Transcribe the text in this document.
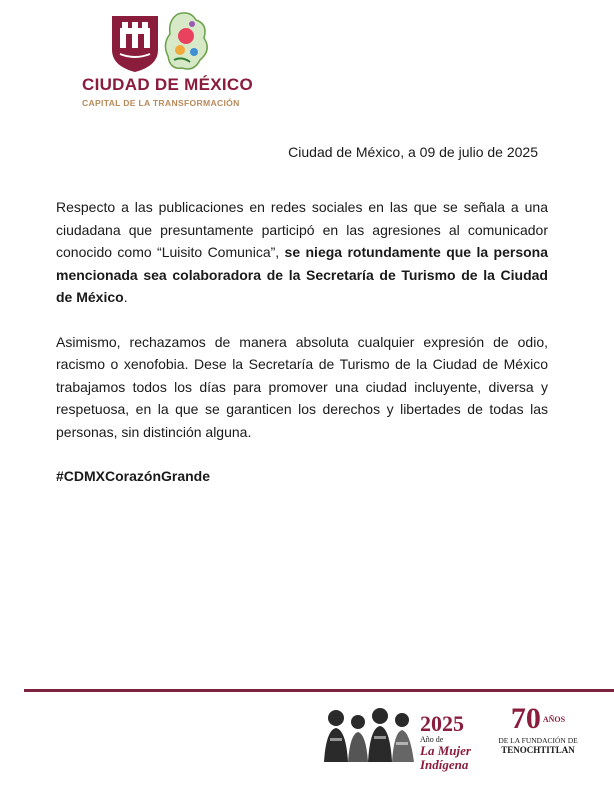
CIUDAD DE MÉXICO
CAPITAL DE LA TRANSFORMACIÓN
Ciudad de México, a 09 de julio de 2025

Respecto a las publicaciones en redes sociales en las que se señala a una ciudadana que presuntamente participó en las agresiones al comunicador conocido como “Luisito Comunica”, se niega rotundamente que la persona mencionada sea colaboradora de la Secretaría de Turismo de la Ciudad de México.

Asimismo, rechazamos de manera absoluta cualquier expresión de odio, racismo o xenofobia. Dese la Secretaría de Turismo de la Ciudad de México trabajamos todos los días para promover una ciudad incluyente, diversa y respetuosa, en la que se garanticen los derechos y libertades de todas las personas, sin distinción alguna.

#CDMXCorazónGrande

2025
Año de
La Mujer
Indígena
70 AÑOS
DE LA FUNDACIÓN DE
TENOCHTITLAN
